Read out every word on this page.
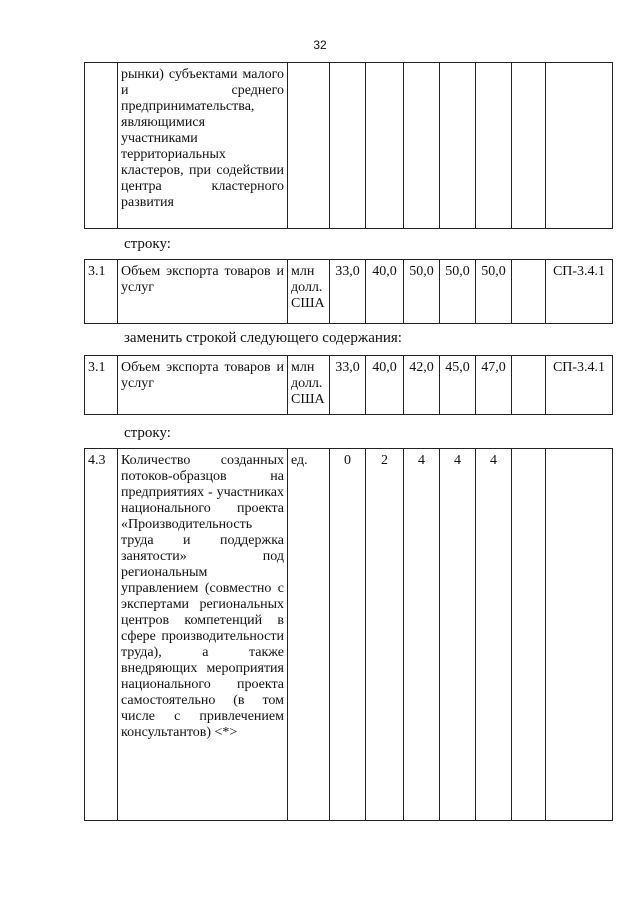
32
	рынки) субъектами малого и среднего предпринимательства, являющимися участниками территориальных кластеров, при содействии центра кластерного развития								
строку:
3.1	Объем экспорта товаров и услуг	млн долл. США	33,0	40,0	50,0	50,0	50,0		СП-3.4.1
заменить строкой следующего содержания:
3.1	Объем экспорта товаров и услуг	млн долл. США	33,0	40,0	42,0	45,0	47,0		СП-3.4.1
строку:
4.3	Количество созданных потоков-образцов на предприятиях - участниках национального проекта «Производительность труда и поддержка занятости» под региональным управлением (совместно с экспертами региональных центров компетенций в сфере производительности труда), а также внедряющих мероприятия национального проекта самостоятельно (в том числе с привлечением консультантов) <*>	ед.	0	2	4	4	4		
